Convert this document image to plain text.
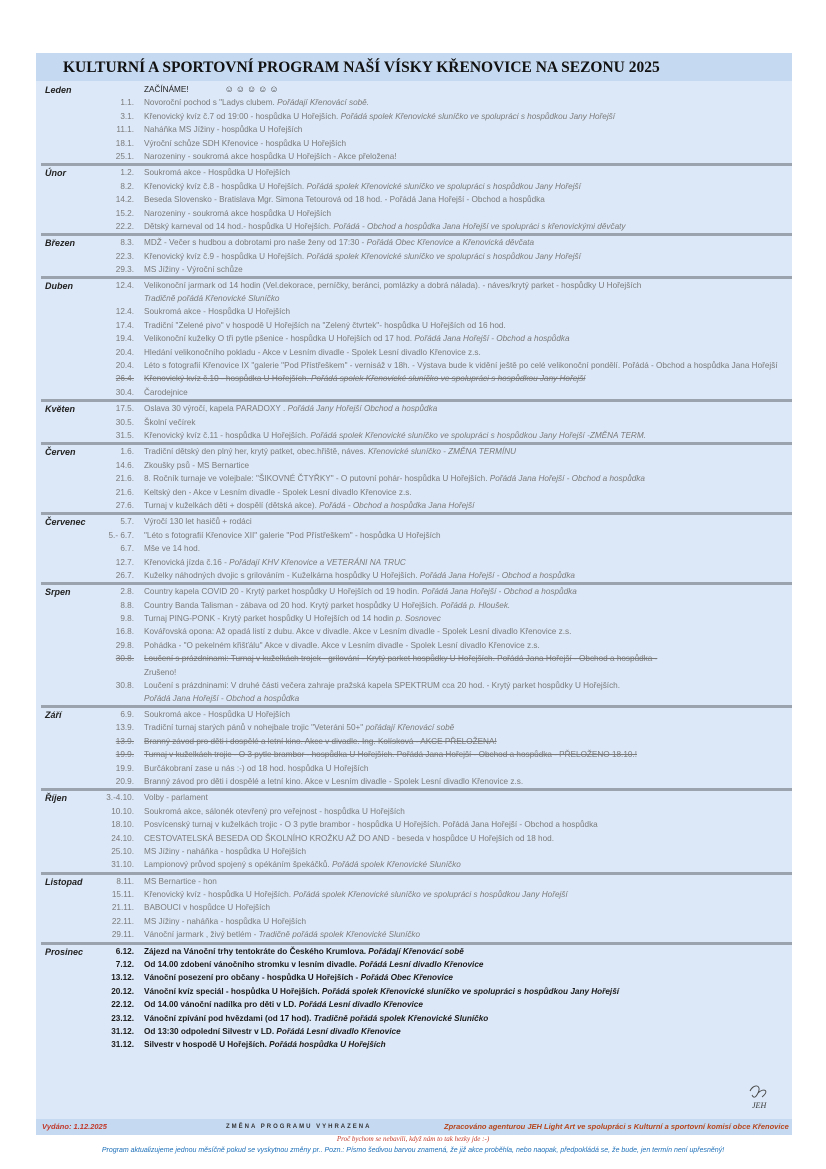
KULTURNÍ A SPORTOVNÍ PROGRAM NAŠÍ VÍSKY KŘENOVICE NA SEZONU 2025
Leden	ZAČÍNÁME!	☺☺☺☺☺
1.1. Novoroční pochod s "Ladys clubem. Pořádají Křenovácí sobě.
3.1. Křenovický kvíz č.7 od 19:00 - hospůdka U Hořejších. Pořádá spolek Křenovické sluníčko ve spolupráci s hospůdkou Jany Hořejší
11.1. Naháňka MS Jížiny - hospůdka U Hořejších
18.1. Výroční schůze SDH Křenovice - hospůdka U Hořejších
25.1. Narozeniny - soukromá akce hospůdka U Hořejších - Akce přeložena!
Únor	1.2. Soukromá akce - Hospůdka U Hořejších
8.2. Křenovický kvíz č.8 - hospůdka U Hořejších. Pořádá spolek Křenovické sluníčko ve spolupráci s hospůdkou Jany Hořejší
14.2. Beseda Slovensko - Bratislava Mgr. Simona Tetourová od 18 hod. - Pořádá Jana Hořejší - Obchod a hospůdka
15.2. Narozeniny - soukromá akce hospůdka U Hořejších
22.2. Dětský karneval od 14 hod.- hospůdka U Hořejších. Pořádá - Obchod a hospůdka Jana Hořejší ve spolupráci s křenovickými děvčaty
Březen	8.3. MDŽ - Večer s hudbou a dobrotami pro naše ženy od 17:30 - Pořádá Obec Křenovice a Křenovická děvčata
22.3. Křenovický kvíz č.9 - hospůdka U Hořejších. Pořádá spolek Křenovické sluníčko ve spolupráci s hospůdkou Jany Hořejší
29.3. MS Jížiny - Výroční schůze
Duben	12.4. Velikonoční jarmark od 14 hodin (Vel.dekorace, perníčky, beránci, pomlázky a dobrá nálada). - náves/krytý parket - hospůdky U Hořejších
Tradičně pořádá Křenovické Sluníčko
12.4. Soukromá akce - Hospůdka U Hořejších
17.4. Tradiční "Zelené pivo" v hospodě U Hořejších na "Zelený čtvrtek"- hospůdka U Hořejších od 16 hod.
19.4. Velikonoční kuželky O tři pytle pšenice - hospůdka U Hořejších od 17 hod. Pořádá Jana Hořejší - Obchod a hospůdka
20.4. Hledání velikonočního pokladu - Akce v Lesním divadle - Spolek Lesní divadlo Křenovice z.s.
20.4. Léto s fotografií Křenovice IX "galerie "Pod Přístřeškem" - vernisáž v 18h. - Výstava bude k vidění ještě po celé velikonoční pondělí. Pořádá - Obchod a hospůdka Jana Hořejší
26.4. Křenovický kvíz č.10 - hospůdka U Hořejších. Pořádá spolek Křenovické sluníčko ve spolupráci s hospůdkou Jany Hořejší
30.4. Čarodejnice
Květen	17.5. Oslava 30 výročí, kapela PARADOXY . Pořádá Jany Hořejší Obchod a hospůdka
30.5. Školní večírek
31.5. Křenovický kvíz č.11 - hospůdka U Hořejších. Pořádá spolek Křenovické sluníčko ve spolupráci s hospůdkou Jany Hořejší -ZMĚNA TERM.
Červen	1.6. Tradiční dětský den plný her, krytý patket, obec.hřiště, náves. Křenovické sluníčko - ZMĚNA TERMÍNU
14.6. Zkoušky psů - MS Bernartice
21.6. 8. Ročník turnaje ve volejbale: "ŠIKOVNÉ ČTYŘKY" - O putovní pohár- hospůdka U Hořejších. Pořádá Jana Hořejší - Obchod a hospůdka
21.6. Keltský den - Akce v Lesním divadle - Spolek Lesní divadlo Křenovice z.s.
27.6. Turnaj v kuželkách děti + dospělí (dětská akce). Pořádá - Obchod a hospůdka Jana Hořejší
Červenec	5.7. Výročí 130 let hasičů + rodáci
5.- 6.7. "Léto s fotografií Křenovice XII" galerie "Pod Přístřeškem" - hospůdka U Hořejších
6.7. Mše ve 14 hod.
12.7. Křenovická jízda č.16 - Pořádají KHV Křenovice a VETERÁNI NA TRUC
26.7. Kuželky náhodných dvojic s grilováním - Kuželkárna hospůdky U Hořejších. Pořádá Jana Hořejší - Obchod a hospůdka
Srpen	2.8. Country kapela COVID 20 - Krytý parket hospůdky U Hořejších od 19 hodin. Pořádá Jana Hořejší - Obchod a hospůdka
8.8. Country Banda Talisman - zábava od 20 hod. Krytý parket hospůdky U Hořejších. Pořádá p. Hloušek.
9.8. Turnaj PING-PONK - Krytý parket hospůdky U Hořejších od 14 hodin p. Sosnovec
16.8. Kovářovská opona: Až opadá listí z dubu. Akce v divadle. Akce v Lesním divadle - Spolek Lesní divadlo Křenovice z.s.
29.8. Pohádka - "O pekelném křišťálu" Akce v divadle. Akce v Lesním divadle - Spolek Lesní divadlo Křenovice z.s.
30.8. Loučení s prázdninami: Turnaj v kuželkách trojek - grilování - Krytý parket hospůdky U Hořejších. Pořádá Jana Hořejší - Obchod a hospůdka -
Zrušeno!
30.8. Loučení s prázdninami: V druhé části večera zahraje pražská kapela SPEKTRUM cca 20 hod. - Krytý parket hospůdky U Hořejších.
Pořádá Jana Hořejší - Obchod a hospůdka
Září	6.9. Soukromá akce - Hospůdka U Hořejších
13.9. Tradiční turnaj starých pánů v nohejbale trojic "Veteráni 50+" pořádají Křenovácí sobě
13.9. Branný závod pro děti i dospělé a letní kino. Akce v divadle. Ing. Kolísková - AKCE PŘELOŽENA!
19.9. Turnaj v kuželkách trojic - O 3 pytle brambor - hospůdka U Hořejších. Pořádá Jana Hořejší - Obchod a hospůdka - PŘELOŽENO 18.10.!
19.9. Burčákobraní zase u nás :-) od 18 hod. hospůdka U Hořejších
20.9. Branný závod pro děti i dospělé a letní kino. Akce v Lesním divadle - Spolek Lesní divadlo Křenovice z.s.
Říjen	3.-4.10. Volby - parlament
10.10. Soukromá akce, sálonék otevřený pro veřejnost - hospůdka U Hořejších
18.10. Posvícenský turnaj v kuželkách trojic - O 3 pytle brambor - hospůdka U Hořejších. Pořádá Jana Hořejší - Obchod a hospůdka
24.10. CESTOVATELSKÁ BESEDA OD ŠKOLNÍHO KROŽKU AŽ DO AND - beseda v hospůdce U Hořejších od 18 hod.
25.10. MS Jížiny - naháňka - hospůdka U Hořejších
31.10. Lampionový průvod spojený s opékáním špekáčků. Pořádá spolek Křenovické Sluníčko
Listopad	8.11. MS Bernartice - hon
15.11. Křenovický kvíz - hospůdka U Hořejších. Pořádá spolek Křenovické sluníčko ve spolupráci s hospůdkou Jany Hořejší
21.11. BABOUCI v hospůdce U Hořejších
22.11. MS Jížiny - naháňka - hospůdka U Hořejších
29.11. Vánoční jarmark , živý betlém - Tradičně pořádá spolek Křenovické Sluníčko
Prosinec	6.12. Zájezd na Vánoční trhy tentokráte do Českého Krumlova. Pořádají Křenovácí sobě
7.12. Od 14.00 zdobení vánočního stromku v lesním divadle. Pořádá Lesní divadlo Křenovice
13.12. Vánoční posezení pro občany - hospůdka U Hořejších - Pořádá Obec Křenovice
20.12. Vánoční kvíz speciál - hospůdka U Hořejších. Pořádá spolek Křenovické sluníčko ve spolupráci s hospůdkou Jany Hořejší
22.12. Od 14.00 vánoční nadílka pro děti v LD. Pořádá Lesní divadlo Křenovice
23.12. Vánoční zpívání pod hvězdami (od 17 hod). Tradičně pořádá spolek Křenovické Sluníčko
31.12. Od 13:30 odpolední Silvestr v LD. Pořádá Lesní divadlo Křenovice
31.12. Silvestr v hospodě U Hořejších. Pořádá hospůdka U Hořejších
Vydáno: 1.12.2025	ZMĚNA PROGRAMU VYHRAZENA	Zpracováno agenturou JEH Light Art ve spolupráci s Kulturní a sportovní komisí obce Křenovice
JEH
Proč bychom se nebavili, když nám to tak hezky jde :-)
Program aktualizujeme jednou měsíčně pokud se vyskytnou změny pr.. Pozn.: Písmo šedivou barvou znamená, že již akce proběhla, nebo naopak, předpokládá se, že bude, jen termín není upřesněný!
